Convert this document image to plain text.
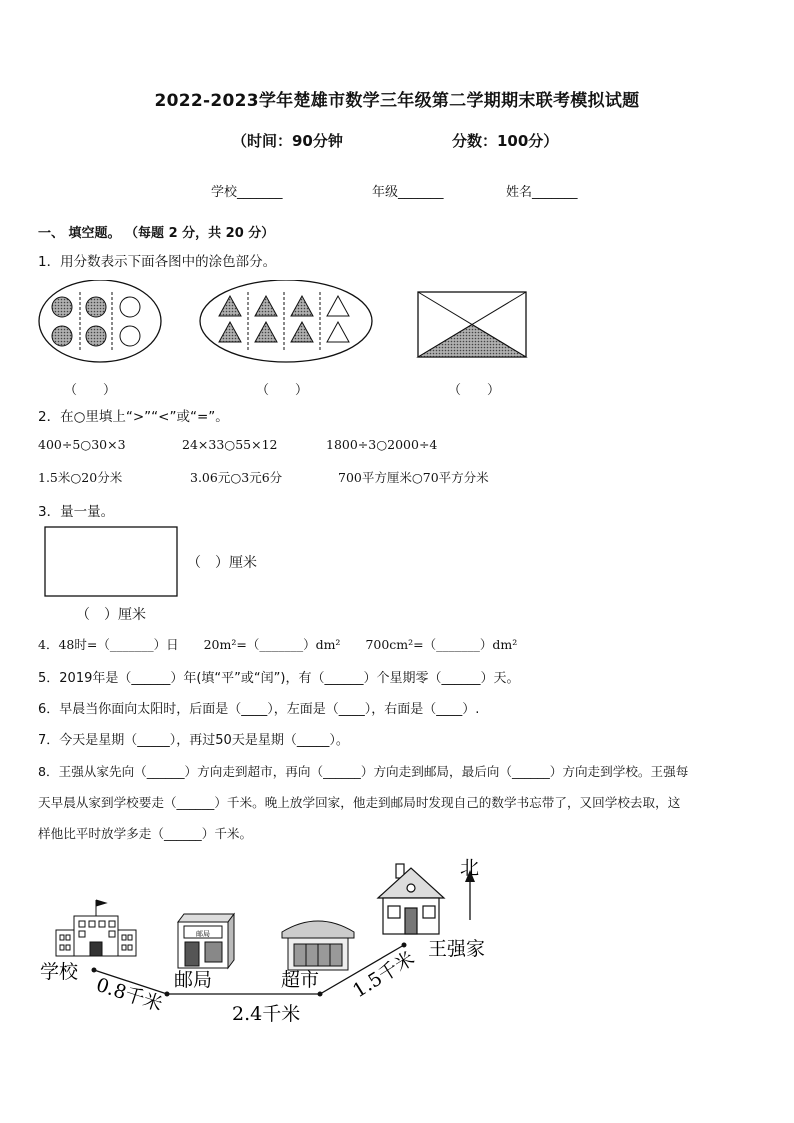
2022-2023学年楚雄市数学三年级第二学期期末联考模拟试题
（时间：90分钟	分数：100分）
学校_______	年级_______	姓名_______
一、 填空题。 （每题 2 分，共 20 分）
1．用分数表示下面各图中的涂色部分。
（　　）	（　　）	（　　）
2．在○里填上“>”“<”或“=”。
400÷5○30×3	24×33○55×12	1800÷3○2000÷4
1.5米○20分米	3.06元○3元6分	700平方厘米○70平方分米
3．量一量。
（　）厘米
（　）厘米
4．48时=（_______）日　　20m²=（_______）dm²　　700cm²=（_______）dm²
5．2019年是（______）年(填“平”或“闰”)，有（______）个星期零（______）天。
6．早晨当你面向太阳时，后面是（____），左面是（____），右面是（____）.
7．今天是星期（_____），再过50天是星期（_____）。
8．王强从家先向（______）方向走到超市，再向（______）方向走到邮局，最后向（______）方向走到学校。王强每
天早晨从家到学校要走（______）千米。晚上放学回家，他走到邮局时发现自己的数学书忘带了，又回学校去取，这
样他比平时放学多走（______）千米。
邮局
学校	邮局	超市
王强家
北
0.8千米	2.4千米
1.5千米
